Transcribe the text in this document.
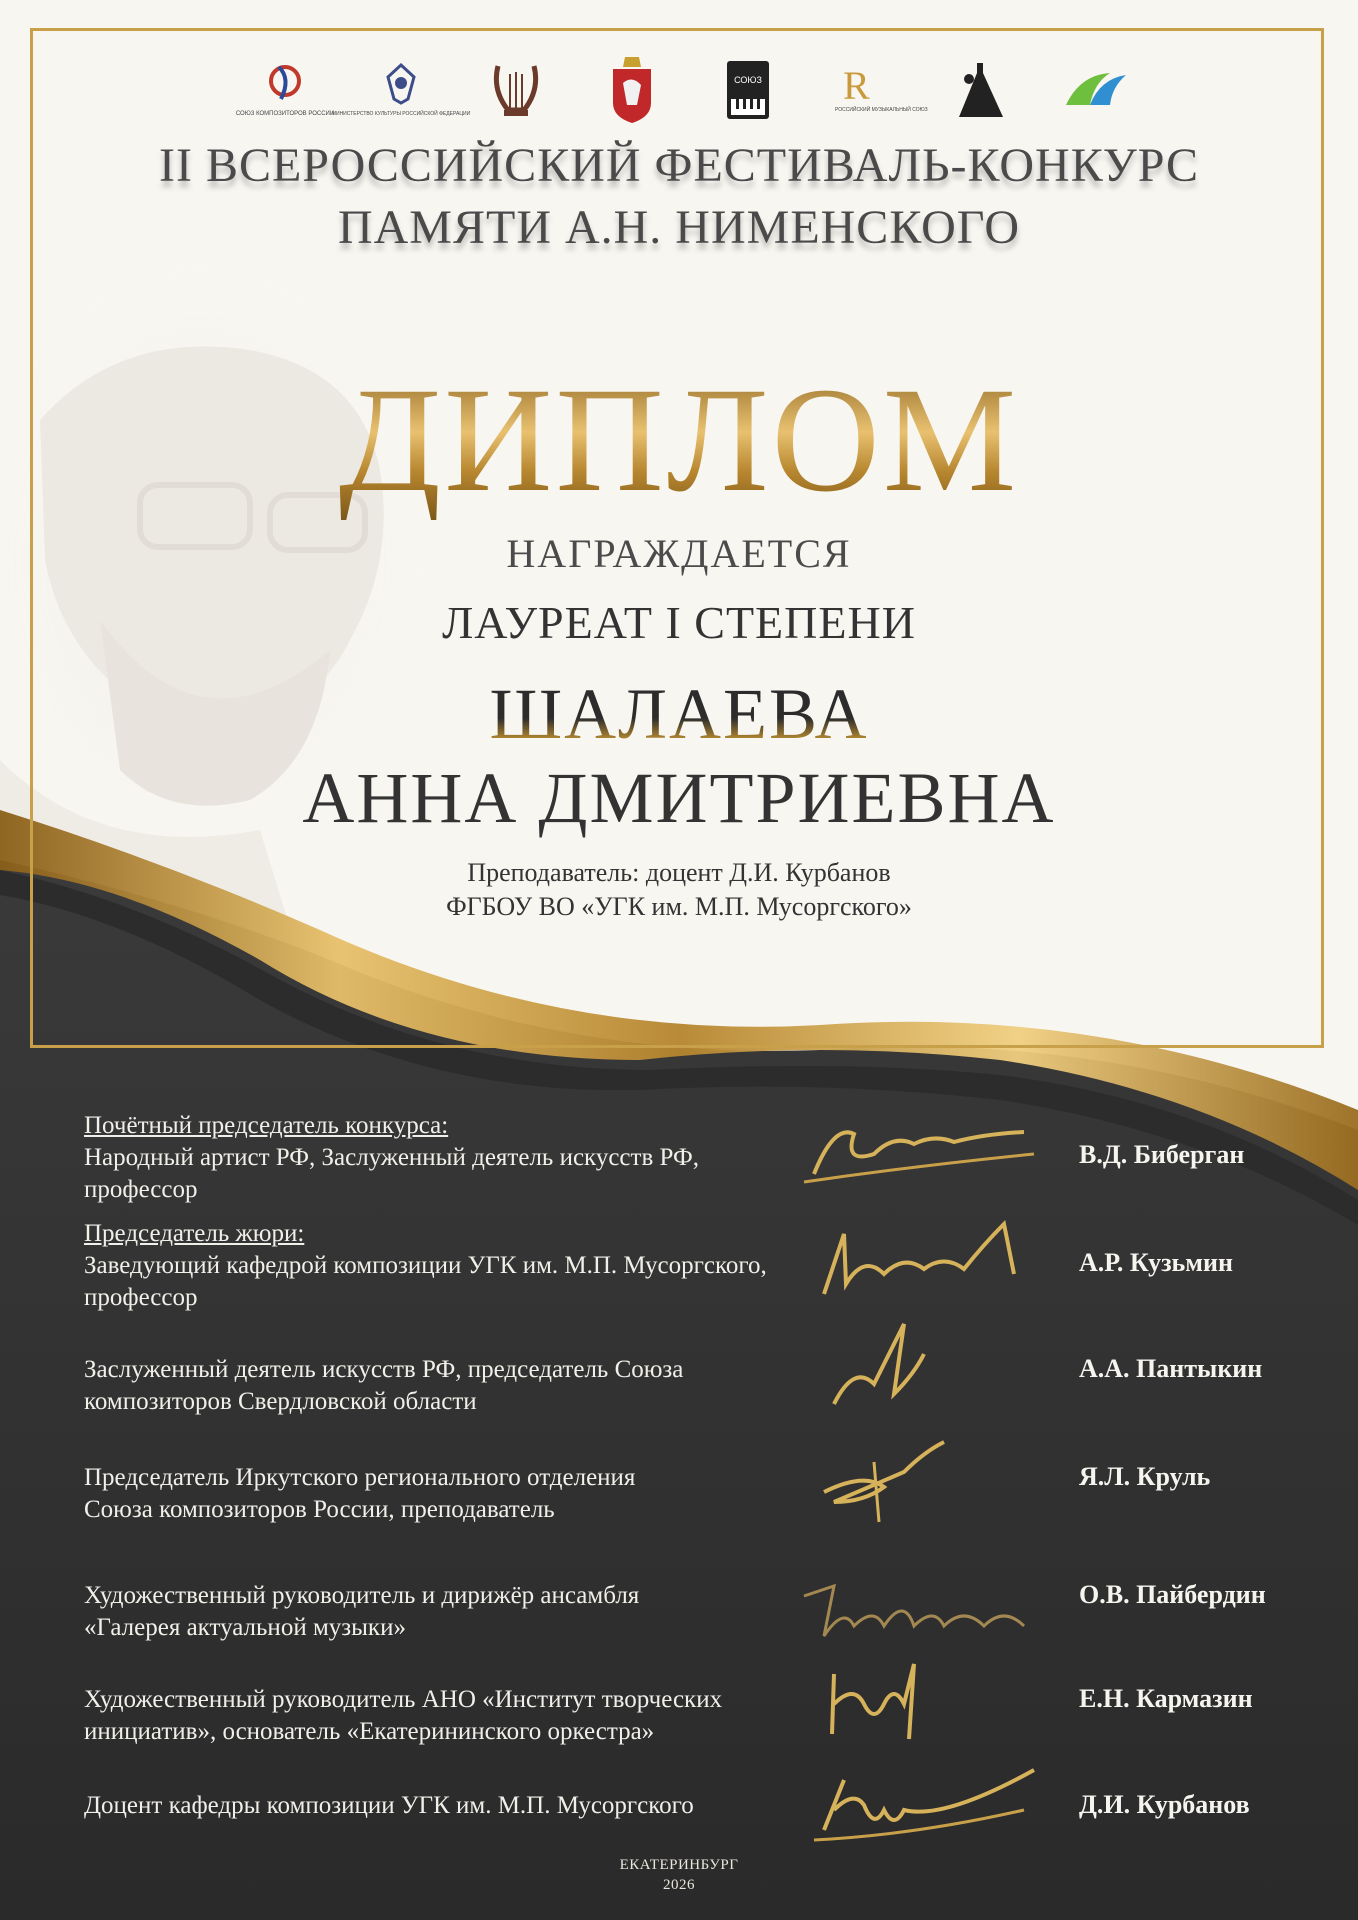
СОЮЗ КОМПОЗИТОРОВ РОССИИ
МИНИСТЕРСТВО КУЛЬТУРЫ РОССИЙСКОЙ ФЕДЕРАЦИИ
СОЮЗ R
РОССИЙСКИЙ МУЗЫКАЛЬНЫЙ СОЮЗ
II ВСЕРОССИЙСКИЙ ФЕСТИВАЛЬ-КОНКУРС
ПАМЯТИ А.Н. НИМЕНСКОГО
ДИПЛОМ
НАГРАЖДАЕТСЯ
ЛАУРЕАТ I СТЕПЕНИ
ШАЛАЕВА
АННА ДМИТРИЕВНА
Преподаватель: доцент Д.И. Курбанов
ФГБОУ ВО «УГК им. М.П. Мусоргского»
Почётный председатель конкурса:
Народный артист РФ, Заслуженный деятель искусств РФ,
профессор
В.Д. Биберган
Председатель жюри:
Заведующий кафедрой композиции УГК им. М.П. Мусоргского,
профессор
А.Р. Кузьмин
Заслуженный деятель искусств РФ, председатель Союза
композиторов Свердловской области
А.А. Пантыкин
Председатель Иркутского регионального отделения
Союза композиторов России, преподаватель
Я.Л. Круль
Художественный руководитель и дирижёр ансамбля
«Галерея актуальной музыки»
О.В. Пайбердин
Художественный руководитель АНО «Институт творческих
инициатив», основатель «Екатерининского оркестра»
Е.Н. Кармазин
Доцент кафедры композиции УГК им. М.П. Мусоргского	Д.И. Курбанов
ЕКАТЕРИНБУРГ
2026
